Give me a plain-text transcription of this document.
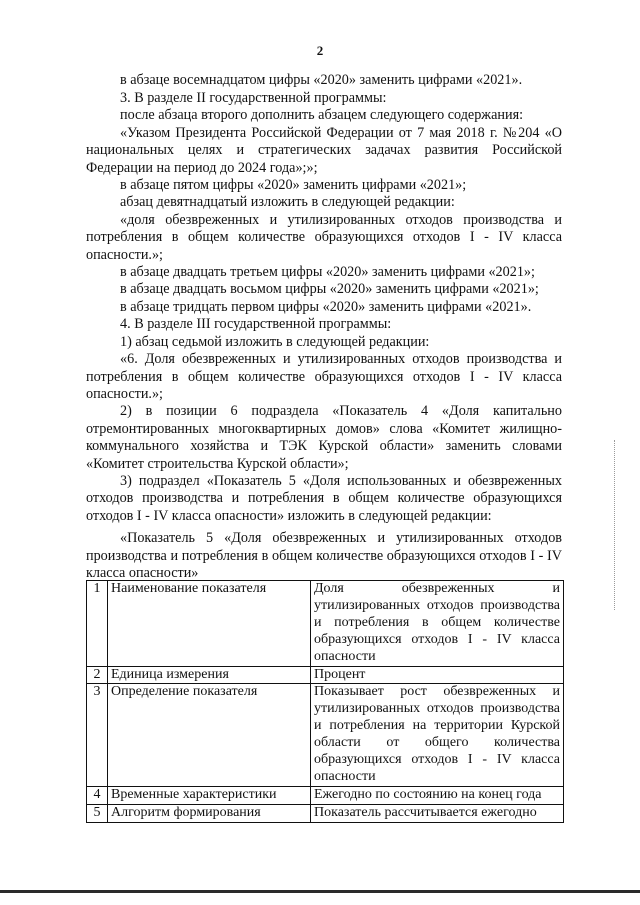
2

в абзаце восемнадцатом цифры «2020» заменить цифрами «2021».

3. В разделе II государственной программы:

после абзаца второго дополнить абзацем следующего содержания:

«Указом Президента Российской Федерации от 7 мая 2018 г. №204 «О национальных целях и стратегических задачах развития Российской Федерации на период до 2024 года»;»;

в абзаце пятом цифры «2020» заменить цифрами «2021»;

абзац девятнадцатый изложить в следующей редакции:

«доля обезвреженных и утилизированных отходов производства и потребления в общем количестве образующихся отходов I - IV класса опасности.»;

в абзаце двадцать третьем цифры «2020» заменить цифрами «2021»;

в абзаце двадцать восьмом цифры «2020» заменить цифрами «2021»;

в абзаце тридцать первом цифры «2020» заменить цифрами «2021».

4. В разделе III государственной программы:

1) абзац седьмой изложить в следующей редакции:

«6. Доля обезвреженных и утилизированных отходов производства и потребления в общем количестве образующихся отходов I - IV класса опасности.»;

2) в позиции 6 подраздела «Показатель 4 «Доля капитально отремонтированных многоквартирных домов» слова «Комитет жилищно-коммунального хозяйства и ТЭК Курской области» заменить словами «Комитет строительства Курской области»;

3) подраздел «Показатель 5 «Доля использованных и обезвреженных отходов производства и потребления в общем количестве образующихся отходов I - IV класса опасности» изложить в следующей редакции:

«Показатель 5 «Доля обезвреженных и утилизированных отходов производства и потребления в общем количестве образующихся отходов I - IV класса опасности»

1	Наименование показателя	Доля обезвреженных и утилизированных отходов производства и потребления в общем количестве образующихся отходов I - IV класса опасности
2	Единица измерения	Процент
3	Определение показателя	Показывает рост обезвреженных и утилизированных отходов производства и потребления на территории Курской области от общего количества образующихся отходов I - IV класса опасности
4	Временные характеристики	Ежегодно по состоянию на конец года
5	Алгоритм формирования	Показатель рассчитывается ежегодно
